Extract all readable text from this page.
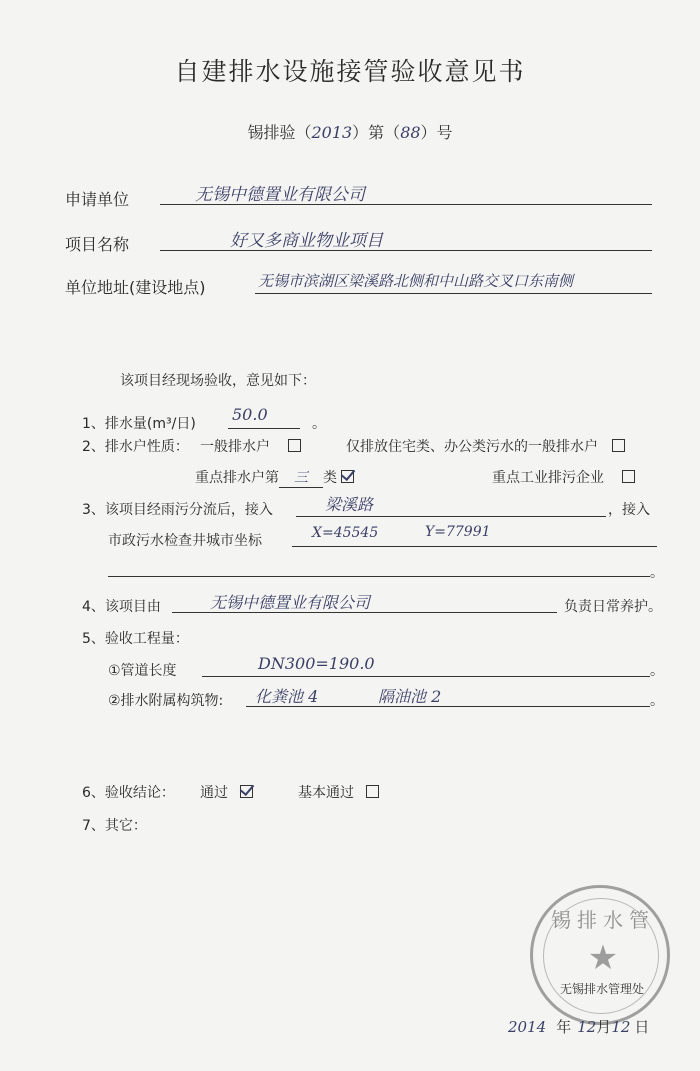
自建排水设施接管验收意见书
锡排验（2013）第（88）号
申请单位	无锡中德置业有限公司
项目名称	好又多商业物业项目
单位地址(建设地点)	无锡市滨湖区梁溪路北侧和中山路交叉口东南侧
该项目经现场验收，意见如下：
1、排水量(m³/日) 50.0	。
2、排水户性质： 一般排水户	仅排放住宅类、办公类污水的一般排水户
重点排水户第 三 类	重点工业排污企业
3、该项目经雨污分流后，接入	梁溪路	，接入
市政污水检查井城市坐标	X=45545	Y=77991
。
4、该项目由	无锡中德置业有限公司	负责日常养护。
5、验收工程量：
①管道长度	DN300=190.0	。
②排水附属构筑物: 化粪池 4	隔油池 2	。
6、验收结论： 通过	基本通过
7、其它：
锡排水管
★
无锡排水管理处
2014 年 12月12 日
